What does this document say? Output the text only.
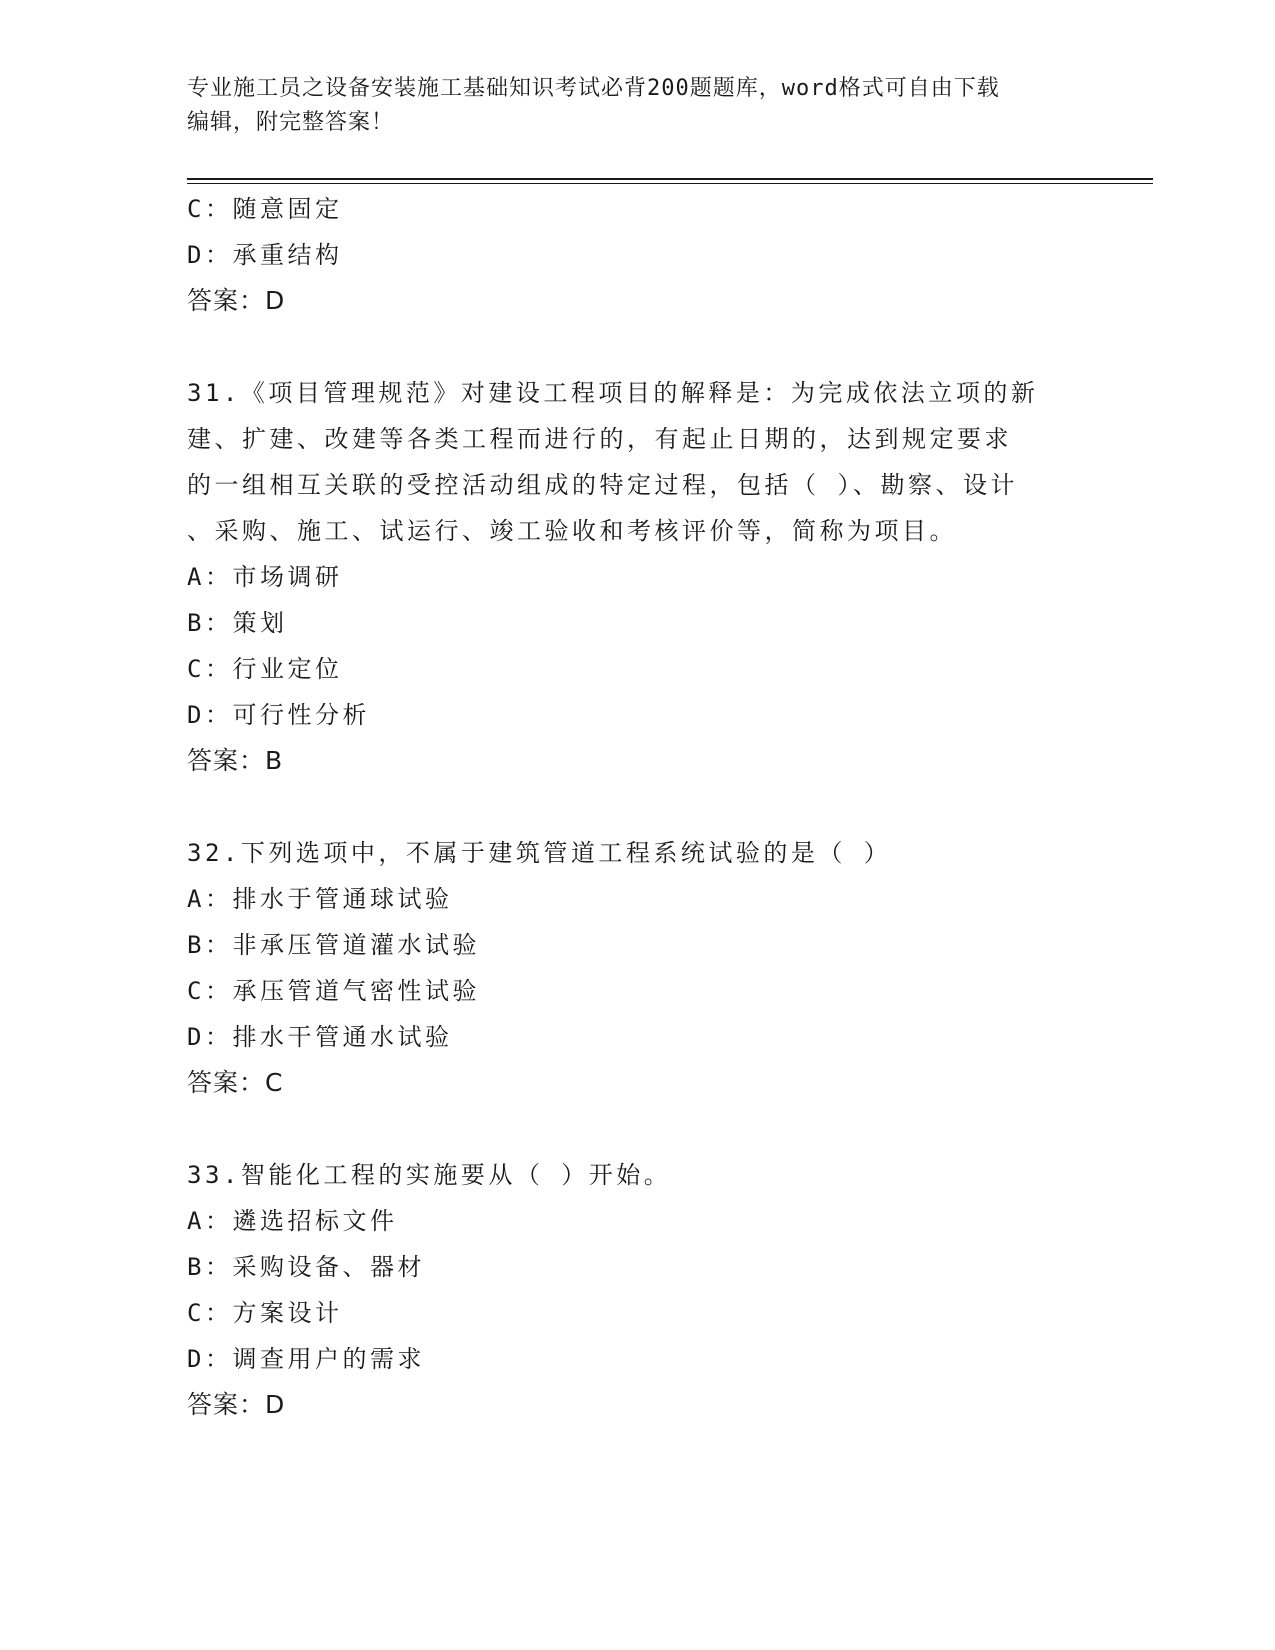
专业施工员之设备安装施工基础知识考试必背200题题库，word格式可自由下载
编辑，附完整答案！
C：随意固定
D：承重结构
答案：D
31.《项目管理规范》对建设工程项目的解释是：为完成依法立项的新
建、扩建、改建等各类工程而进行的，有起止日期的，达到规定要求
的一组相互关联的受控活动组成的特定过程，包括（ ）、勘察、设计
、采购、施工、试运行、竣工验收和考核评价等，简称为项目。
A：市场调研
B：策划
C：行业定位
D：可行性分析
答案：B
32.下列选项中，不属于建筑管道工程系统试验的是（ ）
A：排水于管通球试验
B：非承压管道灌水试验
C：承压管道气密性试验
D：排水干管通水试验
答案：C
33.智能化工程的实施要从（ ）开始。
A：遴选招标文件
B：采购设备、器材
C：方案设计
D：调查用户的需求
答案：D
